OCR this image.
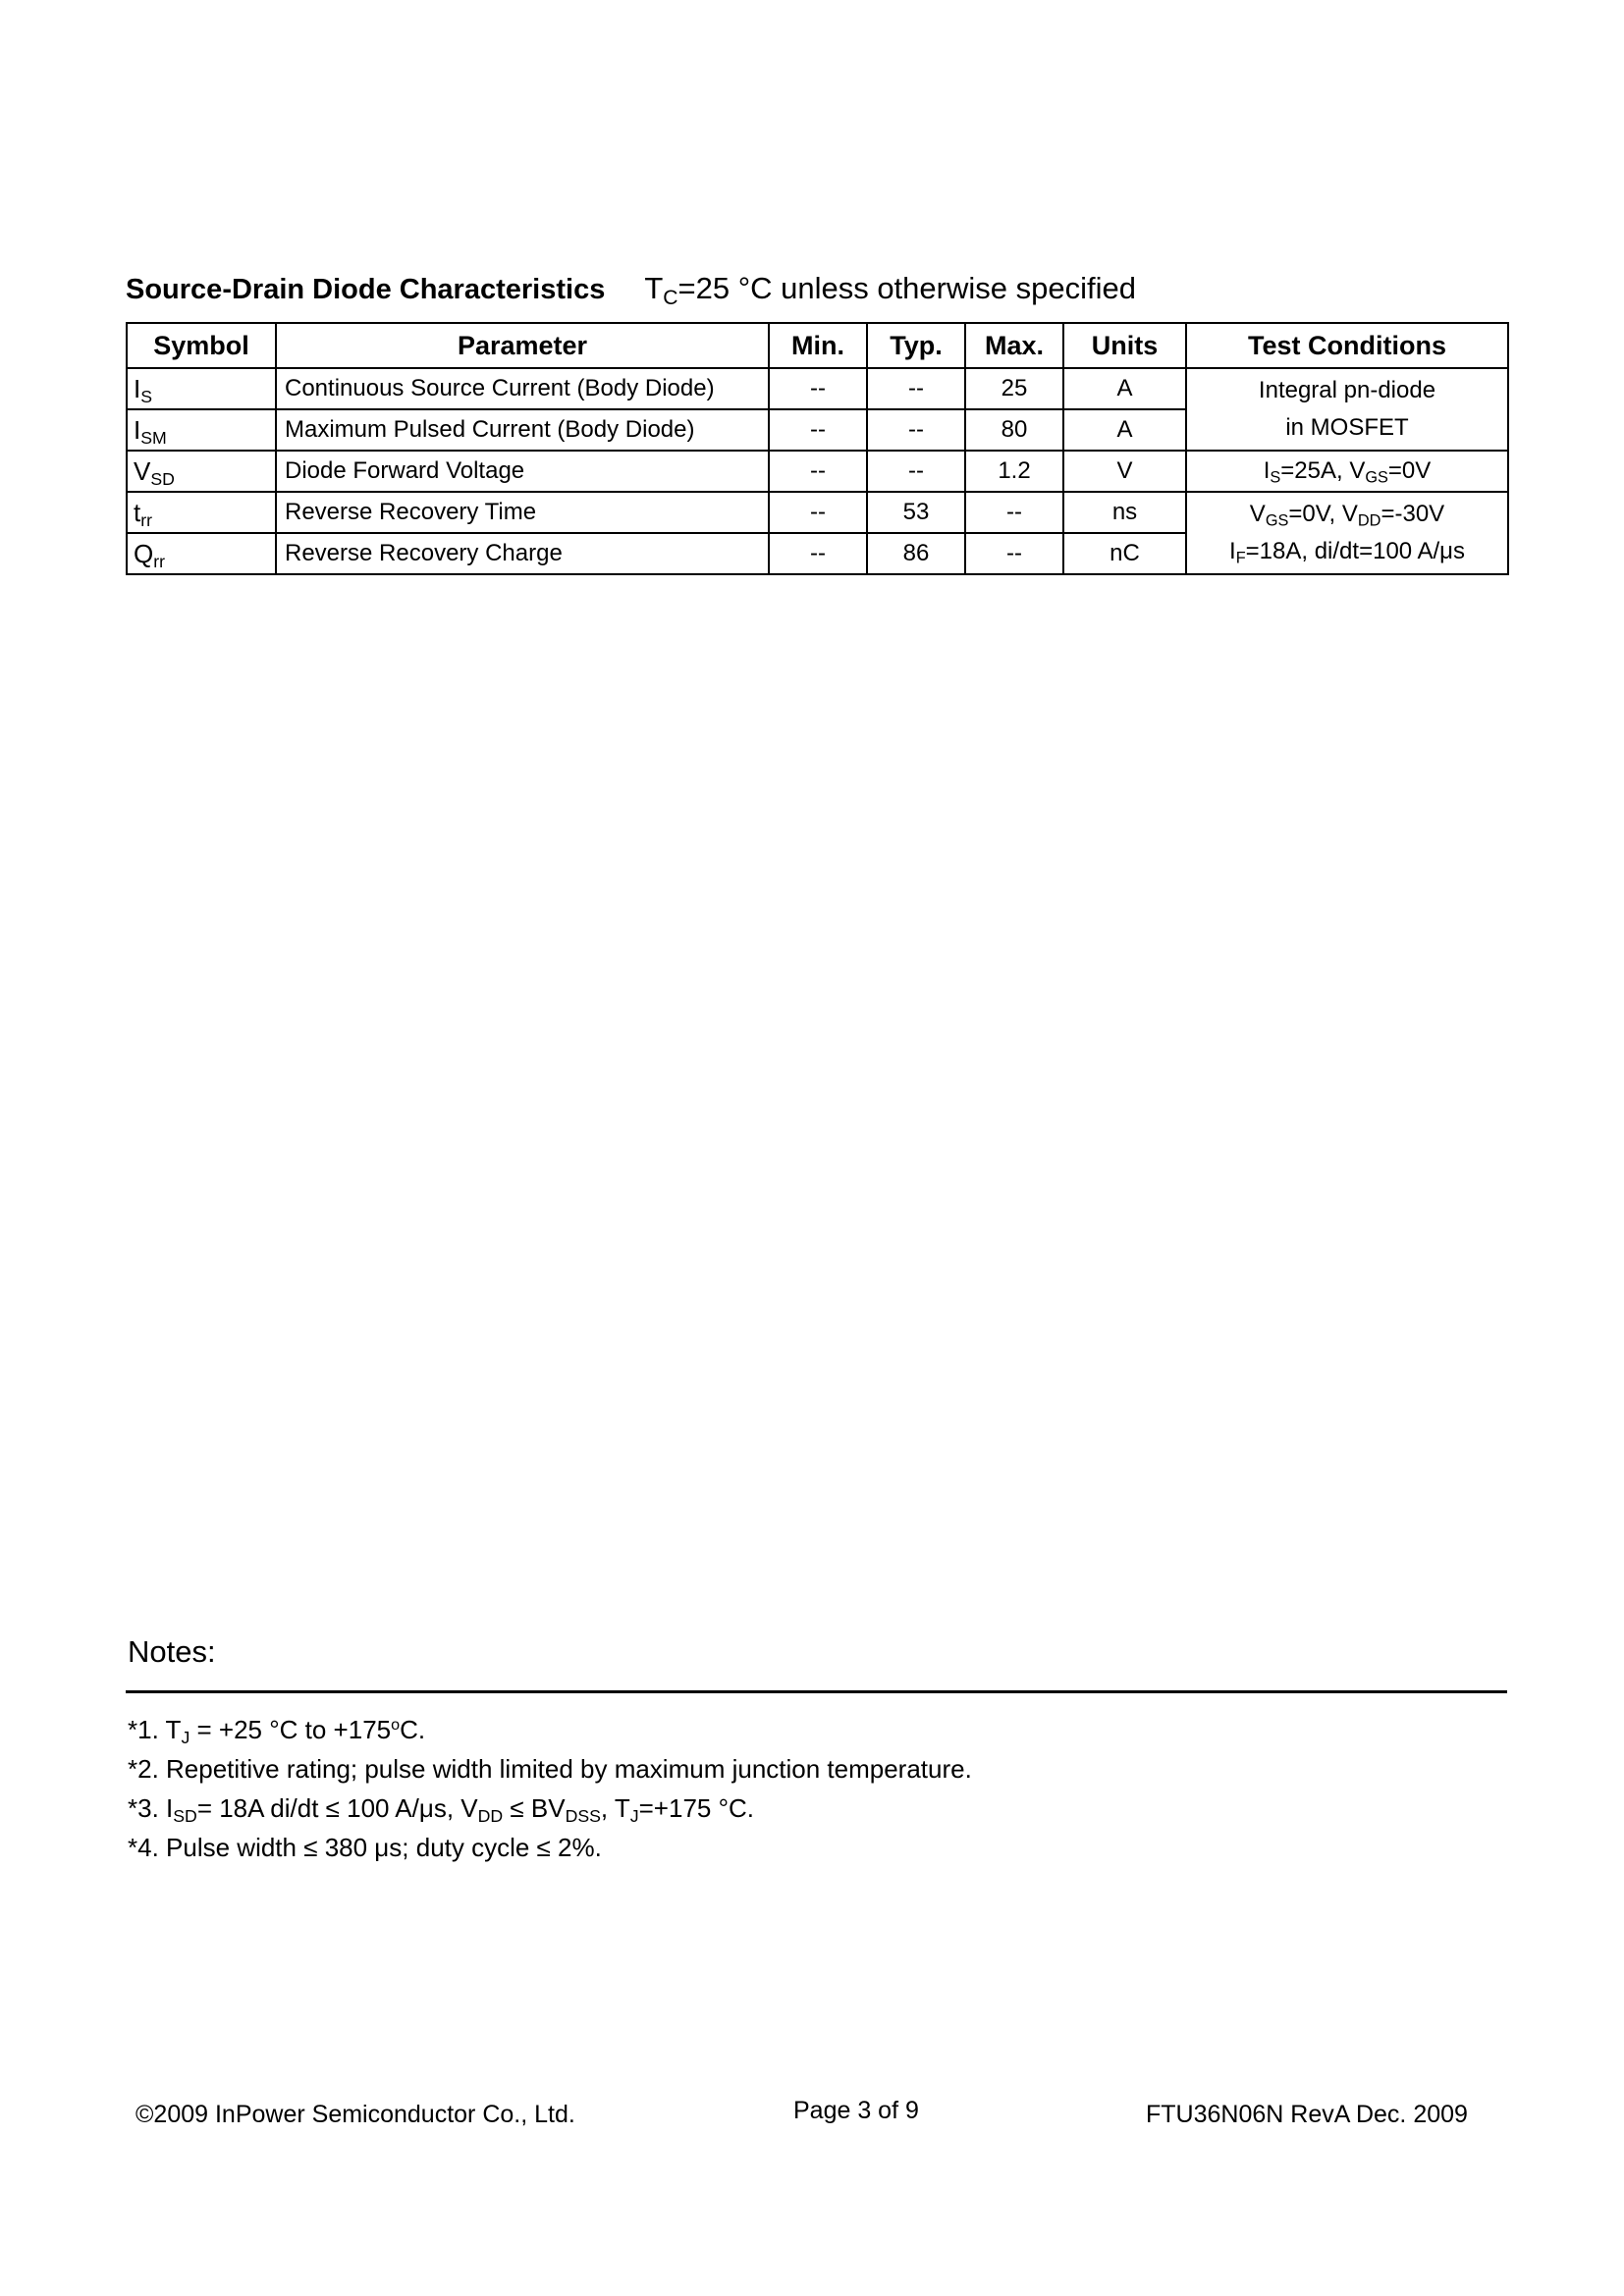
Source-Drain Diode Characteristics $T_C=25$ °C unless otherwise specified
Symbol	Parameter	Min.	Typ.	Max.	Units	Test Conditions
$I_S$	Continuous Source Current (Body Diode)	--	--	25	A	Integral pn-diode
in MOSFET

$I_{SM}$	Maximum Pulsed Current (Body Diode)	--	--	80	A	
$V_{SD}$	Diode Forward Voltage	--	--	1.2	V	$I_S=25A$, $V_{GS}=0V$
$t_{rr}$	Reverse Recovery Time	--	53	--	ns	$V_{GS}=0V$, $V_{DD}=-30V$
$I_F=18A$, di/dt=100 A/μs

$Q_{rr}$	Reverse Recovery Charge	--	86	--	nC	
Notes:
*1. $T_J = +25$ °C to $+175^oC$.
*2. Repetitive rating; pulse width limited by maximum junction temperature.
*3. $I_{SD}= 18A$ di/dt ≤ 100 A/μs, $V_{DD} \le BV_{DSS}$, $T_J=+175$ °C.
*4. Pulse width ≤ 380 μs; duty cycle ≤ 2%.
©2009 InPower Semiconductor Co., Ltd.	Page 3 of 9	FTU36N06N RevA Dec. 2009
